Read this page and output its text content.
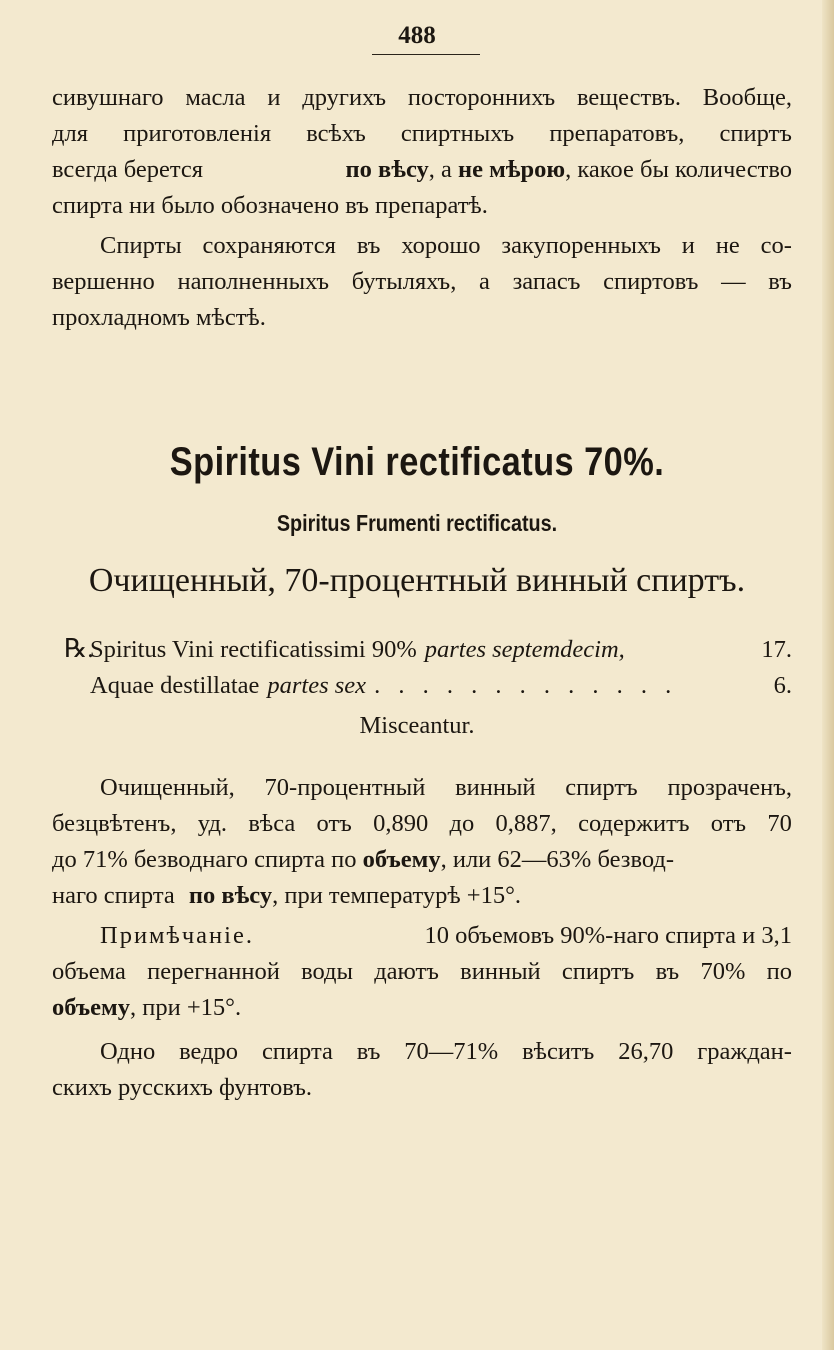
488
сивушнаго масла и другихъ постороннихъ веществъ. Вообще,
для приготовленія всѣхъ спиртныхъ препаратовъ, спиртъ
всегда берется	по вѣсу, а не мѣрою, какое бы количество
спирта ни было обозначено въ препаратѣ.
Спирты сохраняются въ хорошо закупоренныхъ и не со-
вершенно наполненныхъ бутыляхъ, а запасъ спиртовъ — въ
прохладномъ мѣстѣ.
Spiritus Vini rectificatus 70%.
Spiritus Frumenti rectificatus.
Очищенный, 70-процентный винный спиртъ.
℞.
Spiritus Vini rectificatissimi 90% partes septemdecim,	17.
Aquae destillatae partes sex . . . . . . . . . . . . .	6.
Misceantur.
Очищенный, 70-процентный винный спиртъ прозраченъ,
безцвѣтенъ, уд. вѣса отъ 0,890 до 0,887, содержитъ отъ 70
до 71% безводнаго спирта по объему, или 62—63% безвод-
наго спирта по вѣсу, при температурѣ +15°.
Примѣчаніе.	10 объемовъ 90%-наго спирта и 3,1
объема перегнанной воды даютъ винный спиртъ въ 70% по
объему, при +15°.
Одно ведро спирта въ 70—71% вѣситъ 26,70 граждан-
скихъ русскихъ фунтовъ.
